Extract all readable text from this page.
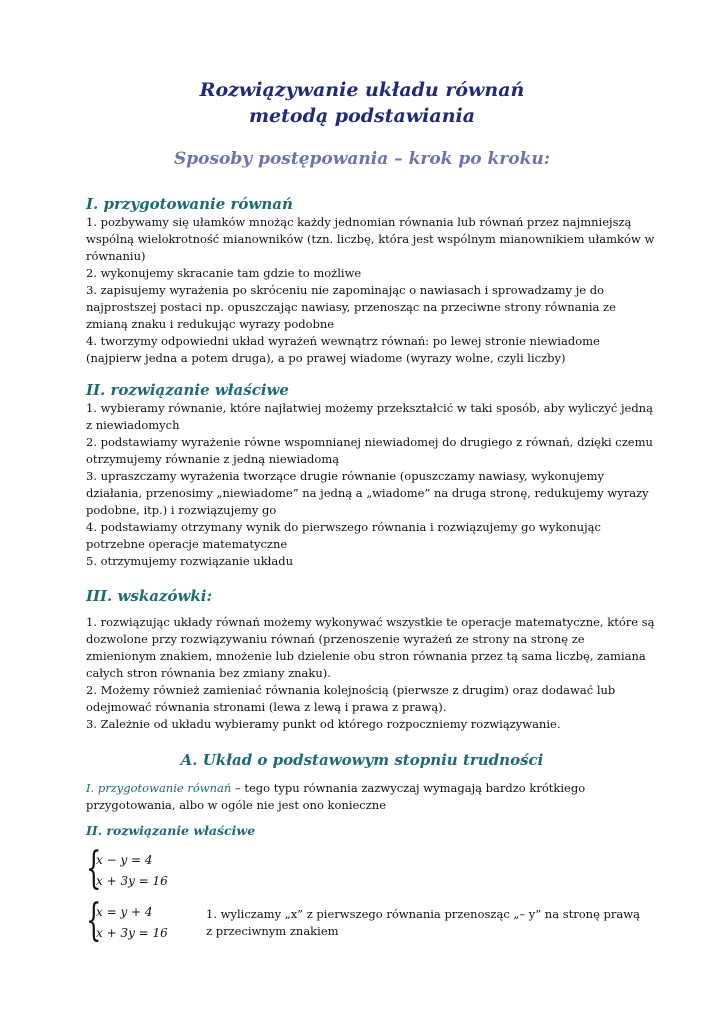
Rozwiązywanie układu równań
metodą podstawiania
Sposoby postępowania – krok po kroku:
I. przygotowanie równań

1. pozbywamy się ułamków mnożąc każdy jednomian równania lub równań przez najmniejszą wspólną wielokrotność mianowników (tzn. liczbę, która jest wspólnym mianownikiem ułamków w równaniu)

2. wykonujemy skracanie tam gdzie to możliwe

3. zapisujemy wyrażenia po skróceniu nie zapominając o nawiasach i sprowadzamy je do najprostszej postaci np. opuszczając nawiasy, przenosząc na przeciwne strony równania ze zmianą znaku i redukując wyrazy podobne

4. tworzymy odpowiedni układ wyrażeń wewnątrz równań: po lewej stronie niewiadome (najpierw jedna a potem druga), a po prawej wiadome (wyrazy wolne, czyli liczby)

II. rozwiązanie właściwe

1. wybieramy równanie, które najłatwiej możemy przekształcić w taki sposób, aby wyliczyć jedną z niewiadomych

2. podstawiamy wyrażenie równe wspomnianej niewiadomej do drugiego z równań, dzięki czemu otrzymujemy równanie z jedną niewiadomą

3. upraszczamy wyrażenia tworzące drugie równanie (opuszczamy nawiasy, wykonujemy działania, przenosimy „niewiadome” na jedną a „wiadome” na druga stronę, redukujemy wyrazy podobne, itp.) i rozwiązujemy go

4. podstawiamy otrzymany wynik do pierwszego równania i rozwiązujemy go wykonując potrzebne operacje matematyczne

5. otrzymujemy rozwiązanie układu

III. wskazówki:

1. rozwiązując układy równań możemy wykonywać wszystkie te operacje matematyczne, które są dozwolone przy rozwiązywaniu równań (przenoszenie wyrażeń ze strony na stronę ze zmienionym znakiem, mnożenie lub dzielenie obu stron równania przez tą sama liczbę, zamiana całych stron równania bez zmiany znaku).

2. Możemy również zamieniać równania kolejnością (pierwsze z drugim) oraz dodawać lub odejmować równania stronami (lewa z lewą i prawa z prawą).

3. Zależnie od układu wybieramy punkt od którego rozpoczniemy rozwiązywanie.

A. Układ o podstawowym stopniu trudności

I. przygotowanie równań – tego typu równania zazwyczaj wymagają bardzo krótkiego przygotowania, albo w ogóle nie jest ono konieczne

II. rozwiązanie właściwe
{
x − y = 4
x + 3y = 16
{
x = y + 4
x + 3y = 16

1. wyliczamy „x” z pierwszego równania przenosząc „– y” na stronę prawą z przeciwnym znakiem
